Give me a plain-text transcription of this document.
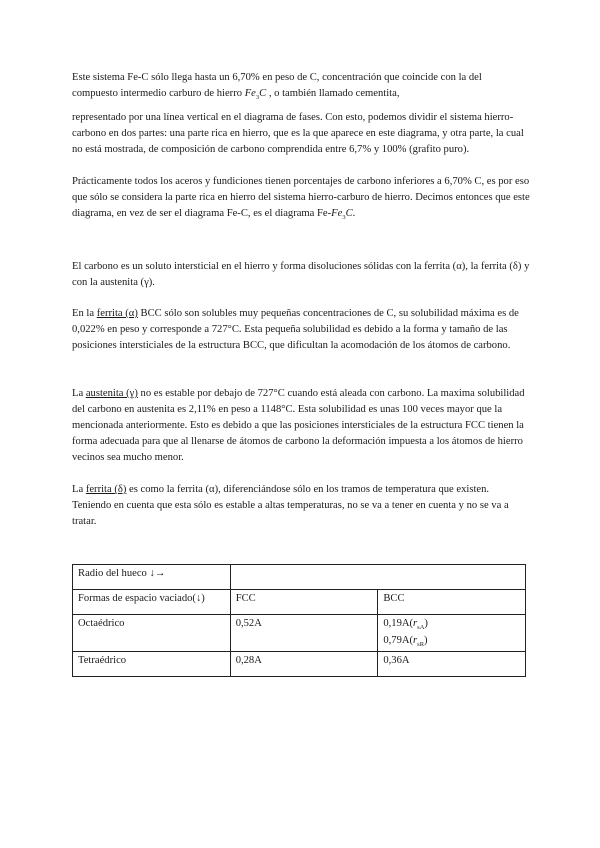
Este sistema Fe-C sólo llega hasta un 6,70% en peso de C, concentración que coincide con la del compuesto intermedio carburo de hierro $Fe_3C$ , o también llamado cementita,

representado por una línea vertical en el diagrama de fases. Con esto, podemos dividir el sistema hierro-carbono en dos partes: una parte rica en hierro, que es la que aparece en este diagrama, y otra parte, la cual no está mostrada, de composición de carbono comprendida entre 6,7% y 100% (grafito puro).

Prácticamente todos los aceros y fundiciones tienen porcentajes de carbono inferiores a 6,70% C, es por eso que sólo se considera la parte rica en hierro del sistema hierro-carburo de hierro. Decimos entonces que este diagrama, en vez de ser el diagrama Fe-C, es el diagrama $Fe-Fe_3C$.

El carbono es un soluto intersticial en el hierro y forma disoluciones sólidas con la ferrita (α), la ferrita (δ) y con la austenita (γ).

En la ferrita (α) BCC sólo son solubles muy pequeñas concentraciones de C, su solubilidad máxima es de 0,022% en peso y corresponde a 727°C. Esta pequeña solubilidad es debido a la forma y tamaño de las posiciones intersticiales de la estructura BCC, que dificultan la acomodación de los átomos de carbono.

La austenita (γ) no es estable por debajo de 727°C cuando está aleada con carbono. La maxima solubilidad del carbono en austenita es 2,11% en peso a 1148°C. Esta solubilidad es unas 100 veces mayor que la mencionada anteriormente. Esto es debido a que las posiciones intersticiales de la estructura FCC tienen la forma adecuada para que al llenarse de átomos de carbono la deformación impuesta a los átomos de hierro vecinos sea mucho menor.

La ferrita (δ) es como la ferrita (α), diferenciándose sólo en los tramos de temperatura que existen. Teniendo en cuenta que esta sólo es estable a altas temperaturas, no se va a tener en cuenta y no se va a tratar.

Radio del hueco ↓→		
Formas de espacio vaciado(↓)	FCC	BCC
Octaédrico	0,52A	$0,19A(r_{sA})$
$0,79A(r_{sR})$

Tetraédrico	0,28A	0,36A
